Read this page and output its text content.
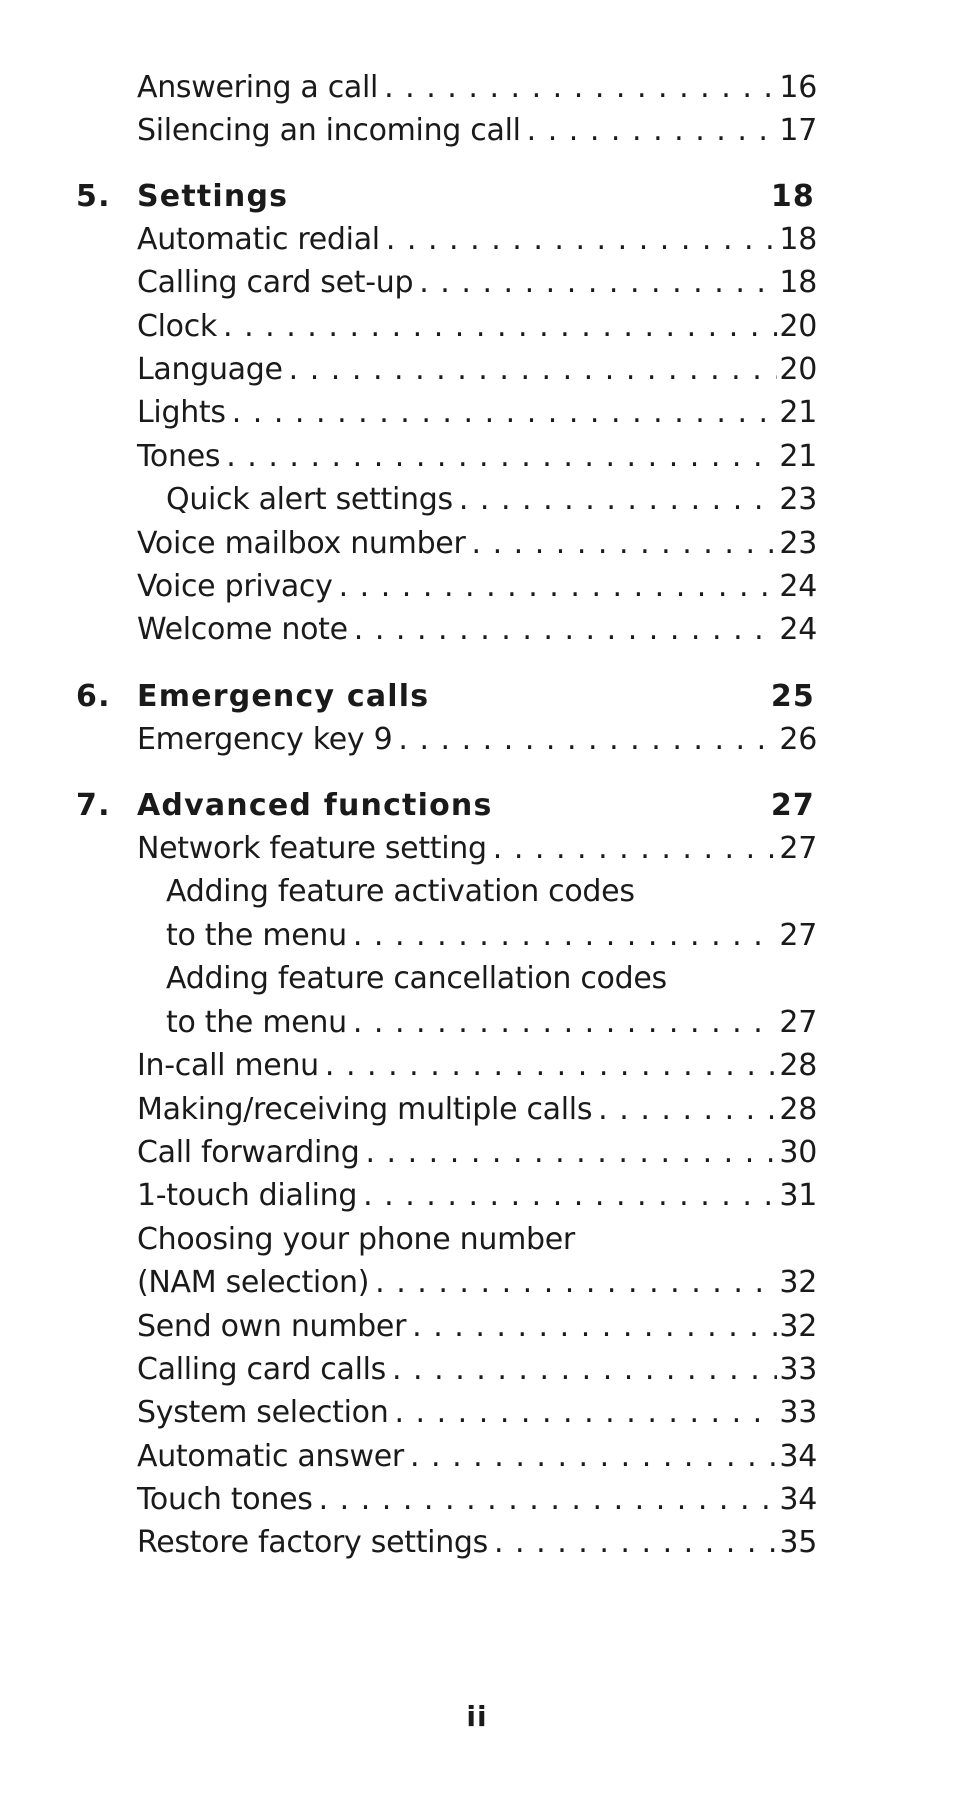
Answering a call . . .	16
Silencing an incoming call . . .	17
5. Settings	18
Automatic redial . . .	18
Calling card set-up . . .	18
Clock . . .	20
Language . . .	20
Lights . . .	21
Tones . . .	21
Quick alert settings . . .	23
Voice mailbox number . . .	23
Voice privacy . . .	24
Welcome note . . .	24
6. Emergency calls	25
Emergency key 9 . . .	26
7. Advanced functions	27
Network feature setting . . .	27
Adding feature activation codes
to the menu . . .	27
Adding feature cancellation codes
to the menu . . .	27
In-call menu . . .	28
Making/receiving multiple calls . . .	28
Call forwarding . . .	30
1-touch dialing . . .	31
Choosing your phone number
(NAM selection) . . .	32
Send own number . . .	32
Calling card calls . . .	33
System selection . . .	33
Automatic answer . . .	34
Touch tones . . .	34
Restore factory settings . . .	35
ii
